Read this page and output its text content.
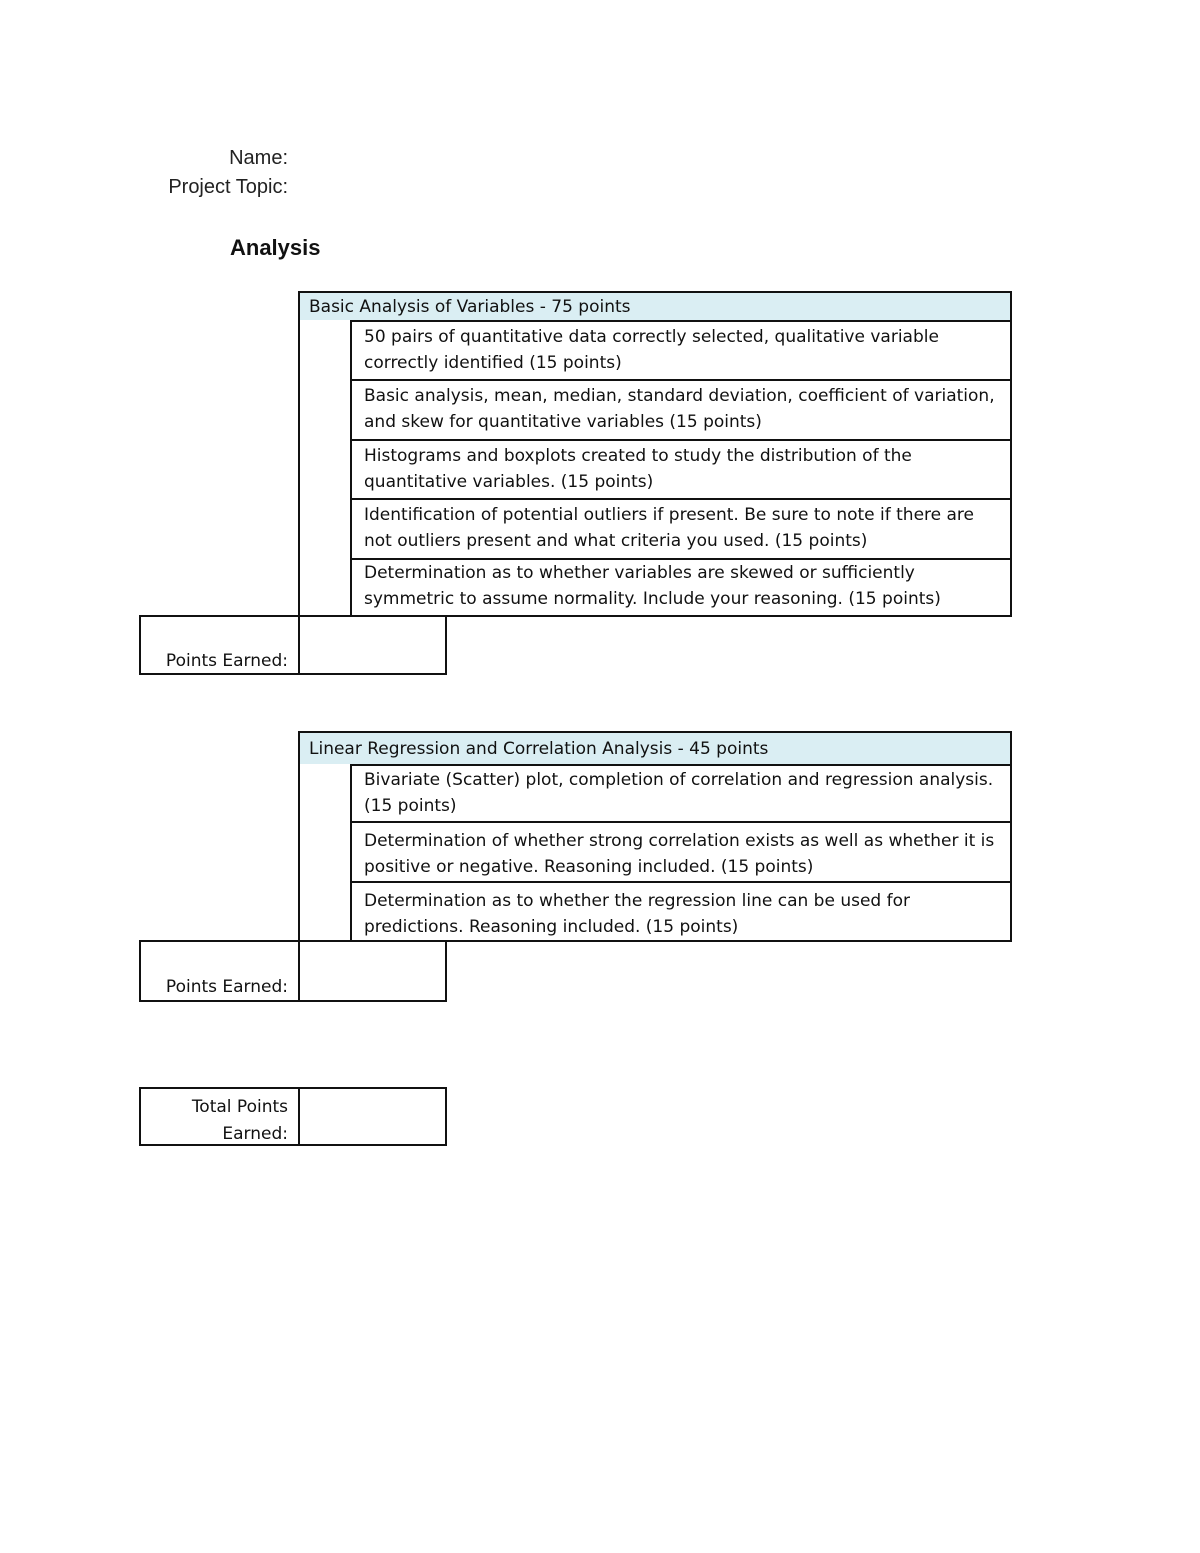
Name:
Project Topic:
Analysis
Basic Analysis of Variables - 75 points
50 pairs of quantitative data correctly selected, qualitative variable correctly identified (15 points)
Basic analysis, mean, median, standard deviation, coefficient of variation, and skew for quantitative variables (15 points)
Histograms and boxplots created to study the distribution of the quantitative variables. (15 points)
Identification of potential outliers if present. Be sure to note if there are not outliers present and what criteria you used. (15 points)
Determination as to whether variables are skewed or sufficiently symmetric to assume normality. Include your reasoning. (15 points)
Points Earned:
Linear Regression and Correlation Analysis - 45 points
Bivariate (Scatter) plot, completion of correlation and regression analysis. (15 points)
Determination of whether strong correlation exists as well as whether it is positive or negative. Reasoning included. (15 points)
Determination as to whether the regression line can be used for predictions. Reasoning included. (15 points)
Points Earned:
Total Points
Earned:
